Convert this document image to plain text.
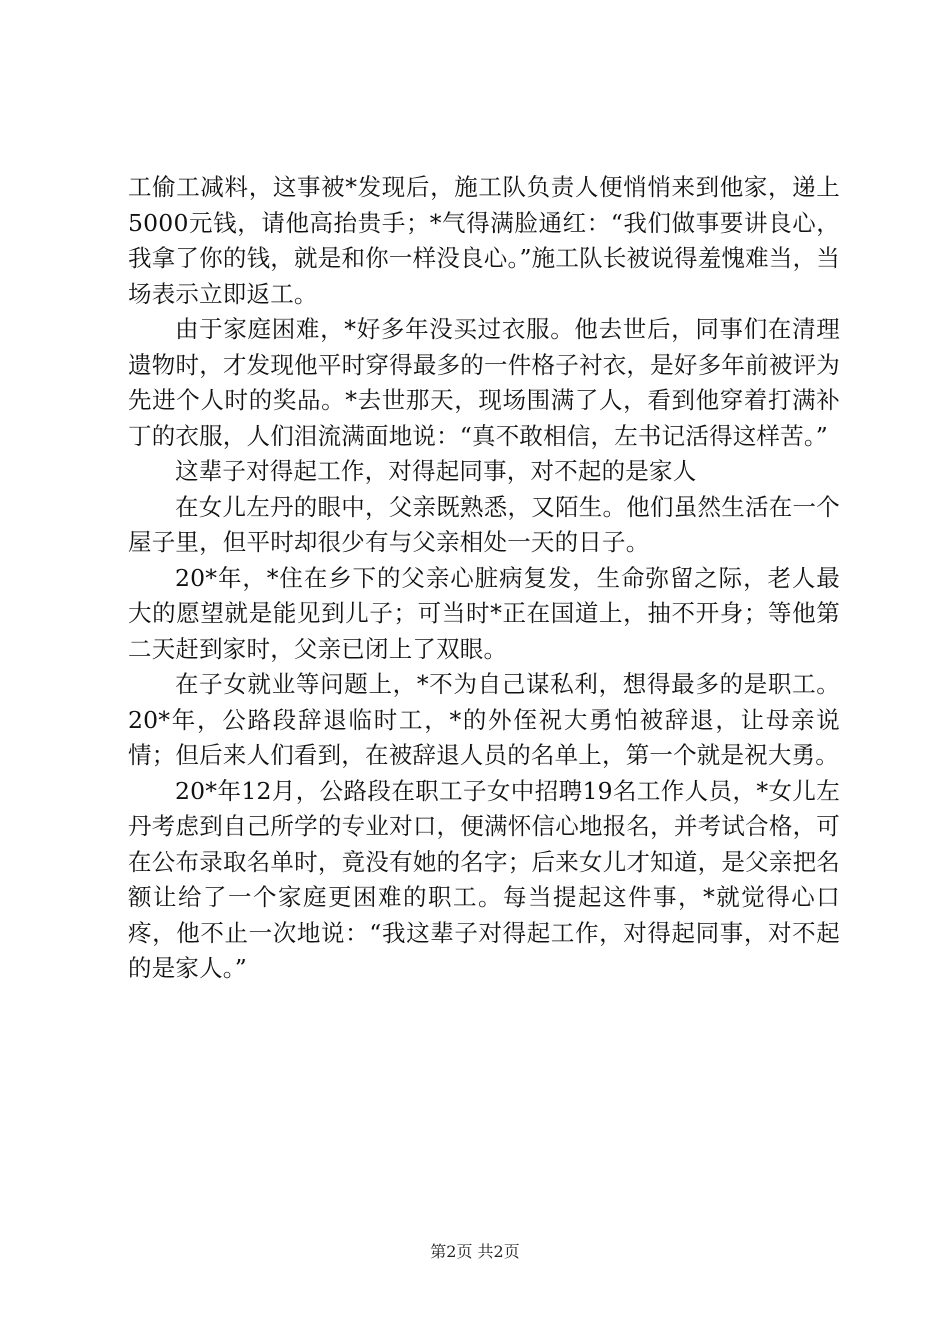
工偷工减料，这事被*发现后，施工队负责人便悄悄来到他家，递上5000元钱，请他高抬贵手；*气得满脸通红：“我们做事要讲良心，我拿了你的钱，就是和你一样没良心。”施工队长被说得羞愧难当，当场表示立即返工。

由于家庭困难，*好多年没买过衣服。他去世后，同事们在清理遗物时，才发现他平时穿得最多的一件格子衬衣，是好多年前被评为先进个人时的奖品。*去世那天，现场围满了人，看到他穿着打满补丁的衣服，人们泪流满面地说：“真不敢相信，左书记活得这样苦。”

这辈子对得起工作，对得起同事，对不起的是家人

在女儿左丹的眼中，父亲既熟悉，又陌生。他们虽然生活在一个屋子里，但平时却很少有与父亲相处一天的日子。

20*年，*住在乡下的父亲心脏病复发，生命弥留之际，老人最大的愿望就是能见到儿子；可当时*正在国道上，抽不开身；等他第二天赶到家时，父亲已闭上了双眼。

在子女就业等问题上，*不为自己谋私利，想得最多的是职工。20*年，公路段辞退临时工，*的外侄祝大勇怕被辞退，让母亲说情；但后来人们看到，在被辞退人员的名单上，第一个就是祝大勇。

20*年12月，公路段在职工子女中招聘19名工作人员，*女儿左丹考虑到自己所学的专业对口，便满怀信心地报名，并考试合格，可在公布录取名单时，竟没有她的名字；后来女儿才知道，是父亲把名额让给了一个家庭更困难的职工。每当提起这件事，*就觉得心口疼，他不止一次地说：“我这辈子对得起工作，对得起同事，对不起的是家人。”

第2页 共2页
